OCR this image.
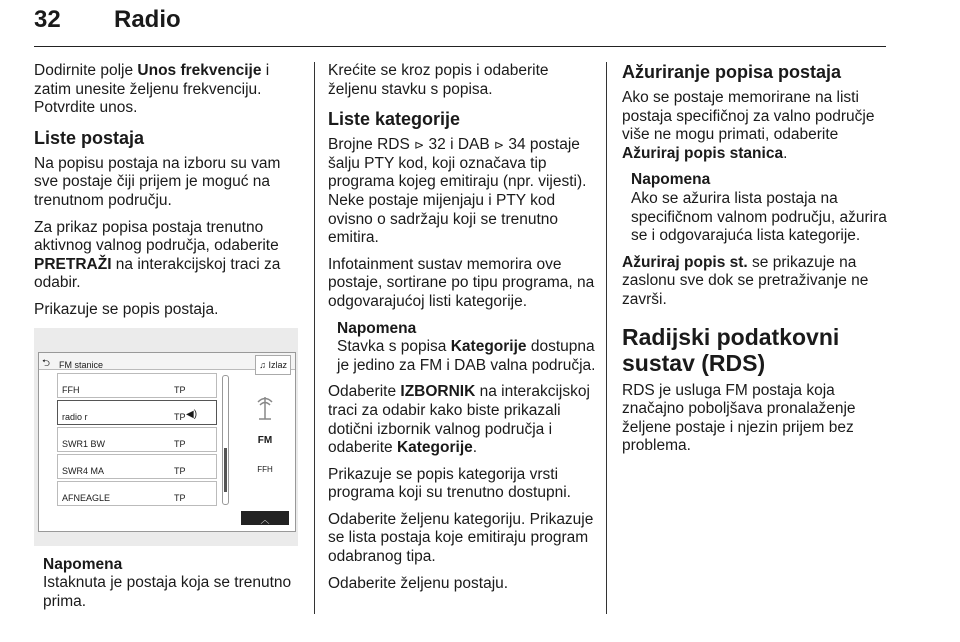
32 Radio

Dodirnite polje Unos frekvencije i zatim unesite željenu frekvenciju. Potvrdite unos.

Liste postaja

Na popisu postaja na izboru su vam sve postaje čiji prijem je moguć na trenutnom području.

Za prikaz popisa postaja trenutno aktivnog valnog područja, odaberite PRETRAŽI na interakcijskoj traci za odabir.

Prikazuje se popis postaja.

⮌ FM stanice	♫ Izlaz
FFH	TP
radio r	TP ◀)
SWR1 BW	TP
SWR4 MA	TP
AFNEAGLE	TP
FM
FFH
︿
Napomena
Istaknuta je postaja koja se trenutno prima.

Krećite se kroz popis i odaberite željenu stavku s popisa.

Liste kategorije

Brojne RDS ⊳ 32 i DAB ⊳ 34 postaje šalju PTY kod, koji označava tip programa kojeg emitiraju (npr. vijesti). Neke postaje mijenjaju i PTY kod ovisno o sadržaju koji se trenutno emitira.

Infotainment sustav memorira ove postaje, sortirane po tipu programa, na odgovarajućoj listi kategorije.

Napomena
Stavka s popisa Kategorije dostupna je jedino za FM i DAB valna područja.

Odaberite IZBORNIK na interakcijskoj traci za odabir kako biste prikazali dotični izbornik valnog područja i odaberite Kategorije.

Prikazuje se popis kategorija vrsti programa koji su trenutno dostupni.

Odaberite željenu kategoriju. Prikazuje se lista postaja koje emitiraju program odabranog tipa.

Odaberite željenu postaju.

Ažuriranje popisa postaja

Ako se postaje memorirane na listi postaja specifičnoj za valno područje više ne mogu primati, odaberite Ažuriraj popis stanica.

Napomena
Ako se ažurira lista postaja na specifičnom valnom području, ažurira se i odgovarajuća lista kategorije.

Ažuriraj popis st. se prikazuje na zaslonu sve dok se pretraživanje ne završi.

Radijski podatkovni sustav (RDS)

RDS je usluga FM postaja koja značajno poboljšava pronalaženje željene postaje i njezin prijem bez problema.
